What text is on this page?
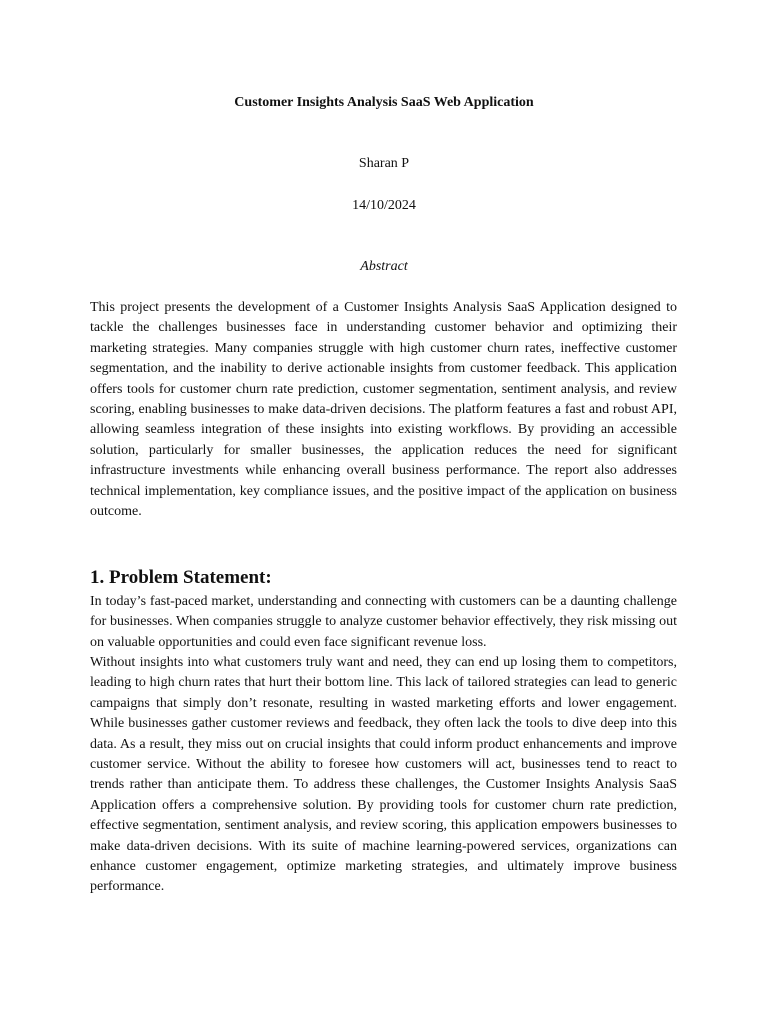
Customer Insights Analysis SaaS Web Application
Sharan P
14/10/2024
Abstract

This project presents the development of a Customer Insights Analysis SaaS Application designed to tackle the challenges businesses face in understanding customer behavior and optimizing their marketing strategies. Many companies struggle with high customer churn rates, ineffective customer segmentation, and the inability to derive actionable insights from customer feedback. This application offers tools for customer churn rate prediction, customer segmentation, sentiment analysis, and review scoring, enabling businesses to make data-driven decisions. The platform features a fast and robust API, allowing seamless integration of these insights into existing workflows. By providing an accessible solution, particularly for smaller businesses, the application reduces the need for significant infrastructure investments while enhancing overall business performance. The report also addresses technical implementation, key compliance issues, and the positive impact of the application on business outcome.

1. Problem Statement:

In today’s fast-paced market, understanding and connecting with customers can be a daunting challenge for businesses. When companies struggle to analyze customer behavior effectively, they risk missing out on valuable opportunities and could even face significant revenue loss.

Without insights into what customers truly want and need, they can end up losing them to competitors, leading to high churn rates that hurt their bottom line. This lack of tailored strategies can lead to generic campaigns that simply don’t resonate, resulting in wasted marketing efforts and lower engagement. While businesses gather customer reviews and feedback, they often lack the tools to dive deep into this data. As a result, they miss out on crucial insights that could inform product enhancements and improve customer service. Without the ability to foresee how customers will act, businesses tend to react to trends rather than anticipate them. To address these challenges, the Customer Insights Analysis SaaS Application offers a comprehensive solution. By providing tools for customer churn rate prediction, effective segmentation, sentiment analysis, and review scoring, this application empowers businesses to make data-driven decisions. With its suite of machine learning-powered services, organizations can enhance customer engagement, optimize marketing strategies, and ultimately improve business performance.
